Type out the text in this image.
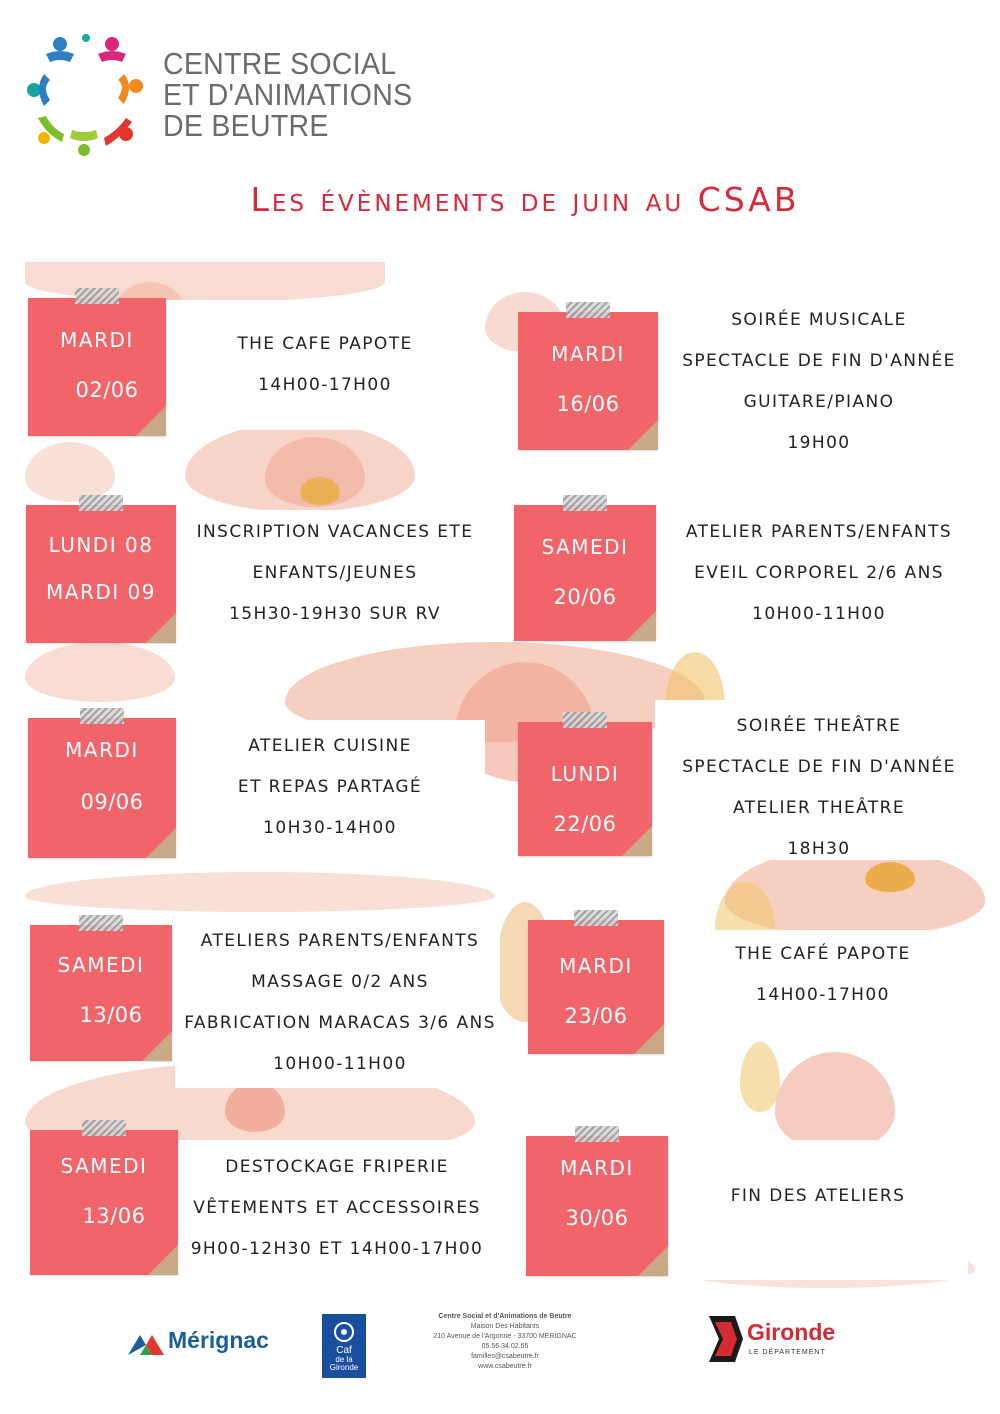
CENTRE SOCIAL
ET D'ANIMATIONS
DE BEUTRE
Les évènements de juin au CSAB
MARDI
02/06
THE CAFE PAPOTE
14H00-17H00
LUNDI 08
MARDI 09
INSCRIPTION VACANCES ETE
ENFANTS/JEUNES
15H30-19H30 SUR RV
MARDI
09/06
ATELIER CUISINE
ET REPAS PARTAGÉ
10H30-14H00
SAMEDI
13/06
ATELIERS PARENTS/ENFANTS
MASSAGE 0/2 ANS
FABRICATION MARACAS 3/6 ANS
10H00-11H00
SAMEDI
13/06
DESTOCKAGE FRIPERIE
VÊTEMENTS ET ACCESSOIRES
9H00-12H30 ET 14H00-17H00
MARDI
16/06
SOIRÉE MUSICALE
SPECTACLE DE FIN D'ANNÉE
GUITARE/PIANO
19H00
SAMEDI
20/06
ATELIER PARENTS/ENFANTS
EVEIL CORPOREL 2/6 ANS
10H00-11H00
LUNDI
22/06
SOIRÉE THEÂTRE
SPECTACLE DE FIN D'ANNÉE
ATELIER THEÂTRE
18H30
MARDI
23/06
THE CAFÉ PAPOTE
14H00-17H00
MARDI
30/06
FIN DES ATELIERS
Mérignac	Caf
de la Gironde
Centre Social et d'Animations de Beutre
Maison Des Habitants
210 Avenue de l'Argonne - 33700 MERIGNAC
05.56.34.02.65
familles@csabeutre.fr
www.csabeutre.fr
Gironde
LE DÉPARTEMENT
